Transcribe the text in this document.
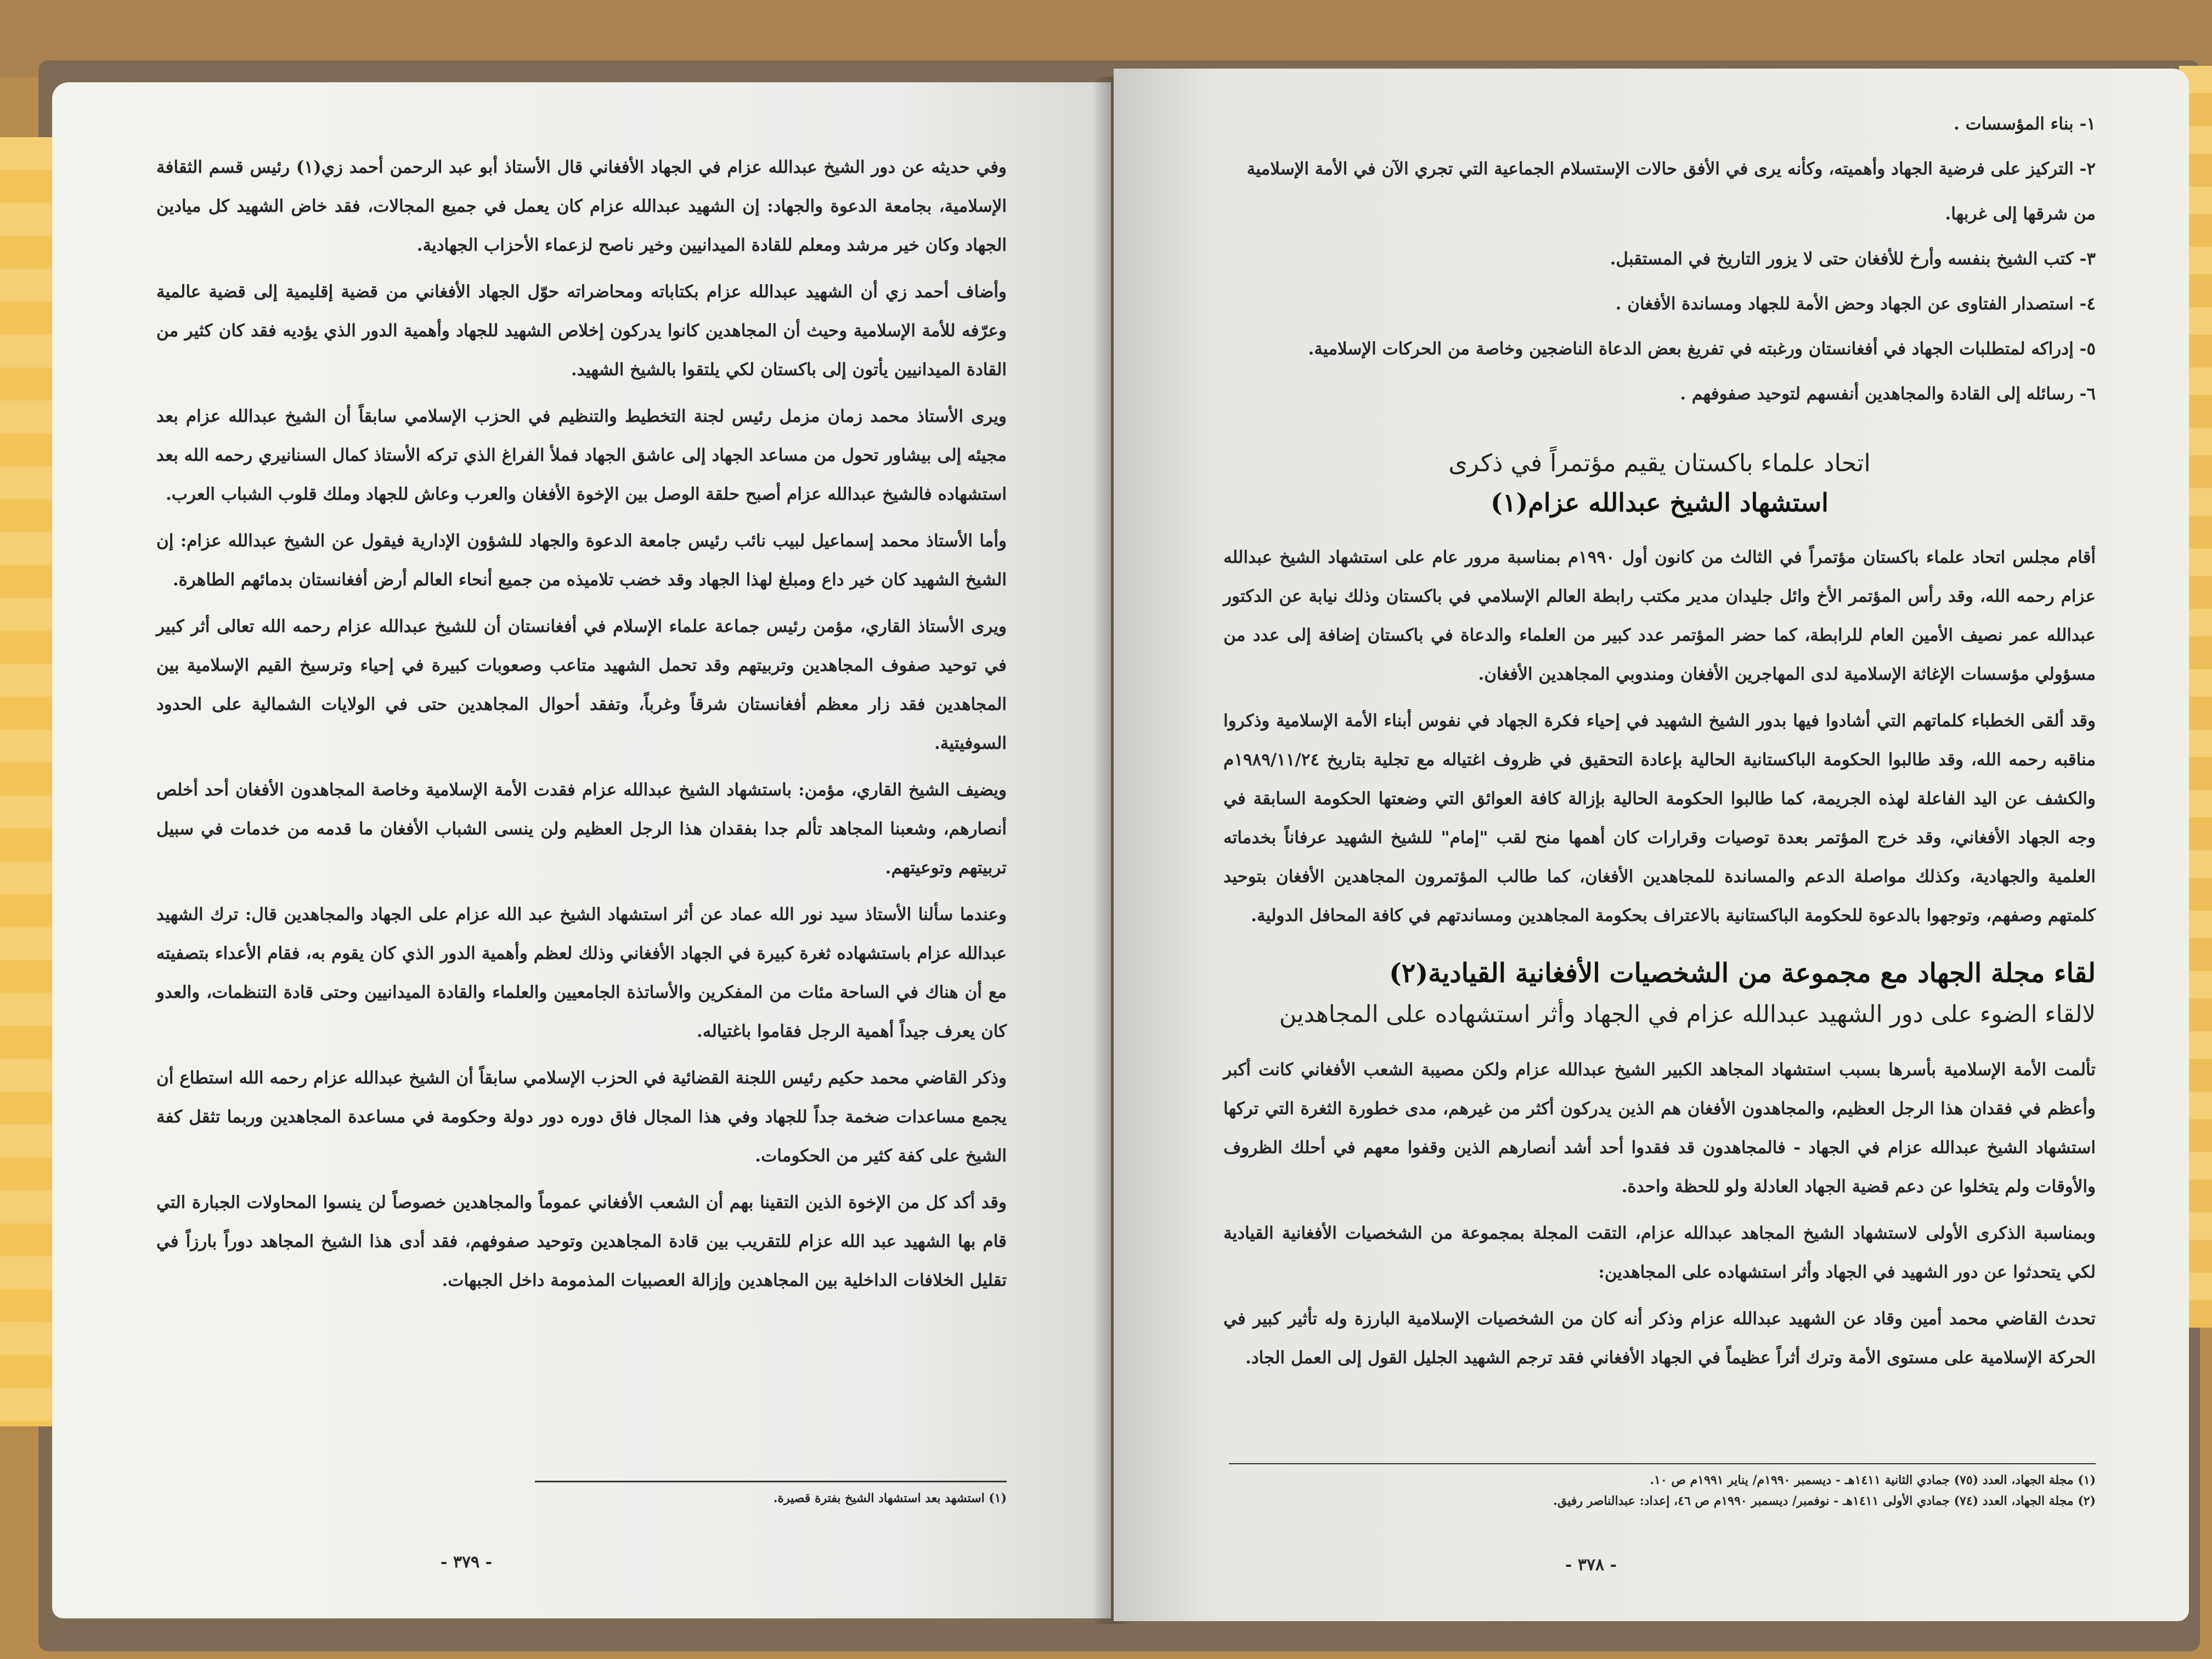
وفي حديثه عن دور الشيخ عبدالله عزام في الجهاد الأفغاني قال الأستاذ أبو عبد الرحمن أحمد زي(١) رئيس قسم الثقافة الإسلامية، بجامعة الدعوة والجهاد: إن الشهيد عبدالله عزام كان يعمل في جميع المجالات، فقد خاض الشهيد كل ميادين الجهاد وكان خير مرشد ومعلم للقادة الميدانيين وخير ناصح لزعماء الأحزاب الجهادية.

وأضاف أحمد زي أن الشهيد عبدالله عزام بكتاباته ومحاضراته حوّل الجهاد الأفغاني من قضية إقليمية إلى قضية عالمية وعرّفه للأمة الإسلامية وحيث أن المجاهدين كانوا يدركون إخلاص الشهيد للجهاد وأهمية الدور الذي يؤديه فقد كان كثير من القادة الميدانيين يأتون إلى باكستان لكي يلتقوا بالشيخ الشهيد.

ويرى الأستاذ محمد زمان مزمل رئيس لجنة التخطيط والتنظيم في الحزب الإسلامي سابقاً أن الشيخ عبدالله عزام بعد مجيئه إلى بيشاور تحول من مساعد الجهاد إلى عاشق الجهاد فملأ الفراغ الذي تركه الأستاذ كمال السنانيري رحمه الله بعد استشهاده فالشيخ عبدالله عزام أصبح حلقة الوصل بين الإخوة الأفغان والعرب وعاش للجهاد وملك قلوب الشباب العرب.

وأما الأستاذ محمد إسماعيل لبيب نائب رئيس جامعة الدعوة والجهاد للشؤون الإدارية فيقول عن الشيخ عبدالله عزام: إن الشيخ الشهيد كان خير داع ومبلغ لهذا الجهاد وقد خضب تلاميذه من جميع أنحاء العالم أرض أفغانستان بدمائهم الطاهرة.

ويرى الأستاذ القاري، مؤمن رئيس جماعة علماء الإسلام في أفغانستان أن للشيخ عبدالله عزام رحمه الله تعالى أثر كبير في توحيد صفوف المجاهدين وتربيتهم وقد تحمل الشهيد متاعب وصعوبات كبيرة في إحياء وترسيخ القيم الإسلامية بين المجاهدين فقد زار معظم أفغانستان شرقاً وغرباً، وتفقد أحوال المجاهدين حتى في الولايات الشمالية على الحدود السوفيتية.

ويضيف الشيخ القاري، مؤمن: باستشهاد الشيخ عبدالله عزام فقدت الأمة الإسلامية وخاصة المجاهدون الأفغان أحد أخلص أنصارهم، وشعبنا المجاهد تألم جدا بفقدان هذا الرجل العظيم ولن ينسى الشباب الأفغان ما قدمه من خدمات في سبيل تربيتهم وتوعيتهم.

وعندما سألنا الأستاذ سيد نور الله عماد عن أثر استشهاد الشيخ عبد الله عزام على الجهاد والمجاهدين قال: ترك الشهيد عبدالله عزام باستشهاده ثغرة كبيرة في الجهاد الأفغاني وذلك لعظم وأهمية الدور الذي كان يقوم به، فقام الأعداء بتصفيته مع أن هناك في الساحة مئات من المفكرين والأساتذة الجامعيين والعلماء والقادة الميدانيين وحتى قادة التنظمات، والعدو كان يعرف جيداً أهمية الرجل فقاموا باغتياله.

وذكر القاضي محمد حكيم رئيس اللجنة القضائية في الحزب الإسلامي سابقاً أن الشيخ عبدالله عزام رحمه الله استطاع أن يجمع مساعدات ضخمة جداً للجهاد وفي هذا المجال فاق دوره دور دولة وحكومة في مساعدة المجاهدين وربما تثقل كفة الشيخ على كفة كثير من الحكومات.

وقد أكد كل من الإخوة الذين التقينا بهم أن الشعب الأفغاني عموماً والمجاهدين خصوصاً لن ينسوا المحاولات الجبارة التي قام بها الشهيد عبد الله عزام للتقريب بين قادة المجاهدين وتوحيد صفوفهم، فقد أدى هذا الشيخ المجاهد دوراً بارزاً في تقليل الخلافات الداخلية بين المجاهدين وإزالة العصبيات المذمومة داخل الجبهات.

(١) استشهد بعد استشهاد الشيخ بفترة قصيرة.

- ٣٧٩ -

١- بناء المؤسسات .

٢- التركيز على فرضية الجهاد وأهميته، وكأنه يرى في الأفق حالات الإستسلام الجماعية التي تجري الآن في الأمة الإسلامية من شرقها إلى غربها.

٣- كتب الشيخ بنفسه وأرخ للأفغان حتى لا يزور التاريخ في المستقبل.

٤- استصدار الفتاوى عن الجهاد وحض الأمة للجهاد ومساندة الأفغان .

٥- إدراكه لمتطلبات الجهاد في أفغانستان ورغبته في تفريغ بعض الدعاة الناضجين وخاصة من الحركات الإسلامية.

٦- رسائله إلى القادة والمجاهدين أنفسهم لتوحيد صفوفهم .

اتحاد علماء باكستان يقيم مؤتمراً في ذكرى
استشهاد الشيخ عبدالله عزام(١)

أقام مجلس اتحاد علماء باكستان مؤتمراً في الثالث من كانون أول ١٩٩٠م بمناسبة مرور عام على استشهاد الشيخ عبدالله عزام رحمه الله، وقد رأس المؤتمر الأخ وائل جليدان مدير مكتب رابطة العالم الإسلامي في باكستان وذلك نيابة عن الدكتور عبدالله عمر نصيف الأمين العام للرابطة، كما حضر المؤتمر عدد كبير من العلماء والدعاة في باكستان إضافة إلى عدد من مسؤولي مؤسسات الإغاثة الإسلامية لدى المهاجرين الأفغان ومندوبي المجاهدين الأفغان.

وقد ألقى الخطباء كلماتهم التي أشادوا فيها بدور الشيخ الشهيد في إحياء فكرة الجهاد في نفوس أبناء الأمة الإسلامية وذكروا مناقبه رحمه الله، وقد طالبوا الحكومة الباكستانية الحالية بإعادة التحقيق في ظروف اغتياله مع تجلية بتاريخ ١٩٨٩/١١/٢٤م والكشف عن اليد الفاعلة لهذه الجريمة، كما طالبوا الحكومة الحالية بإزالة كافة العوائق التي وضعتها الحكومة السابقة في وجه الجهاد الأفغاني، وقد خرج المؤتمر بعدة توصيات وقرارات كان أهمها منح لقب "إمام" للشيخ الشهيد عرفاناً بخدماته العلمية والجهادية، وكذلك مواصلة الدعم والمساندة للمجاهدين الأفغان، كما طالب المؤتمرون المجاهدين الأفغان بتوحيد كلمتهم وصفهم، وتوجهوا بالدعوة للحكومة الباكستانية بالاعتراف بحكومة المجاهدين ومساندتهم في كافة المحافل الدولية.

لقاء مجلة الجهاد مع مجموعة من الشخصيات الأفغانية القيادية(٢)
لالقاء الضوء على دور الشهيد عبدالله عزام في الجهاد وأثر استشهاده على المجاهدين

تألمت الأمة الإسلامية بأسرها بسبب استشهاد المجاهد الكبير الشيخ عبدالله عزام ولكن مصيبة الشعب الأفغاني كانت أكبر وأعظم في فقدان هذا الرجل العظيم، والمجاهدون الأفغان هم الذين يدركون أكثر من غيرهم، مدى خطورة الثغرة التي تركها استشهاد الشيخ عبدالله عزام في الجهاد - فالمجاهدون قد فقدوا أحد أشد أنصارهم الذين وقفوا معهم في أحلك الظروف والأوقات ولم يتخلوا عن دعم قضية الجهاد العادلة ولو للحظة واحدة.

وبمناسبة الذكرى الأولى لاستشهاد الشيخ المجاهد عبدالله عزام، التقت المجلة بمجموعة من الشخصيات الأفغانية القيادية لكي يتحدثوا عن دور الشهيد في الجهاد وأثر استشهاده على المجاهدين:

تحدث القاضي محمد أمين وقاد عن الشهيد عبدالله عزام وذكر أنه كان من الشخصيات الإسلامية البارزة وله تأثير كبير في الحركة الإسلامية على مستوى الأمة وترك أثراً عظيماً في الجهاد الأفغاني فقد ترجم الشهيد الجليل القول إلى العمل الجاد.

(١) مجلة الجهاد، العدد (٧٥) جمادي الثانية ١٤١١هـ - ديسمبر ١٩٩٠م/ يناير ١٩٩١م ص ١٠.

(٢) مجلة الجهاد، العدد (٧٤) جمادي الأولى ١٤١١هـ - نوفمبر/ ديسمبر ١٩٩٠م ص ٤٦، إعداد: عبدالناصر رفيق.

- ٣٧٨ -
